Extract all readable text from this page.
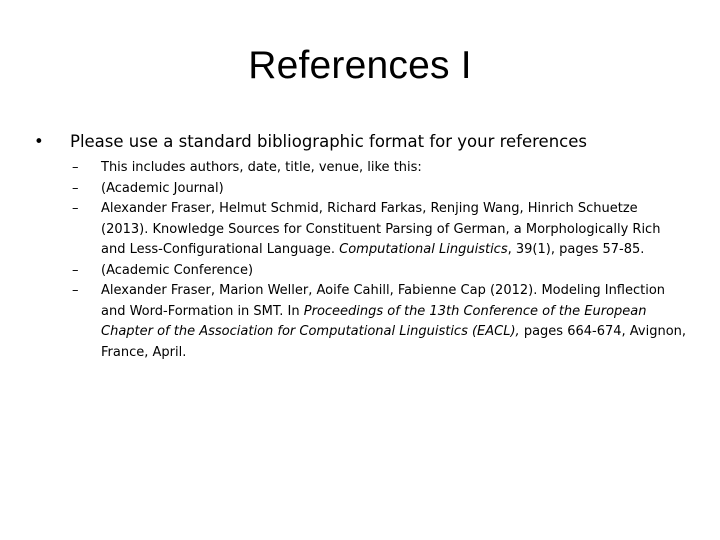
References I
• Please use a standard bibliographic format for your references
– This includes authors, date, title, venue, like this:
– (Academic Journal)
– Alexander Fraser, Helmut Schmid, Richard Farkas, Renjing Wang, Hinrich Schuetze
(2013). Knowledge Sources for Constituent Parsing of German, a Morphologically Rich
and Less-Configurational Language. Computational Linguistics, 39(1), pages 57-85.
– (Academic Conference)
– Alexander Fraser, Marion Weller, Aoife Cahill, Fabienne Cap (2012). Modeling Inflection
and Word-Formation in SMT. In Proceedings of the 13th Conference of the European
Chapter of the Association for Computational Linguistics (EACL), pages 664-674, Avignon,
France, April.
